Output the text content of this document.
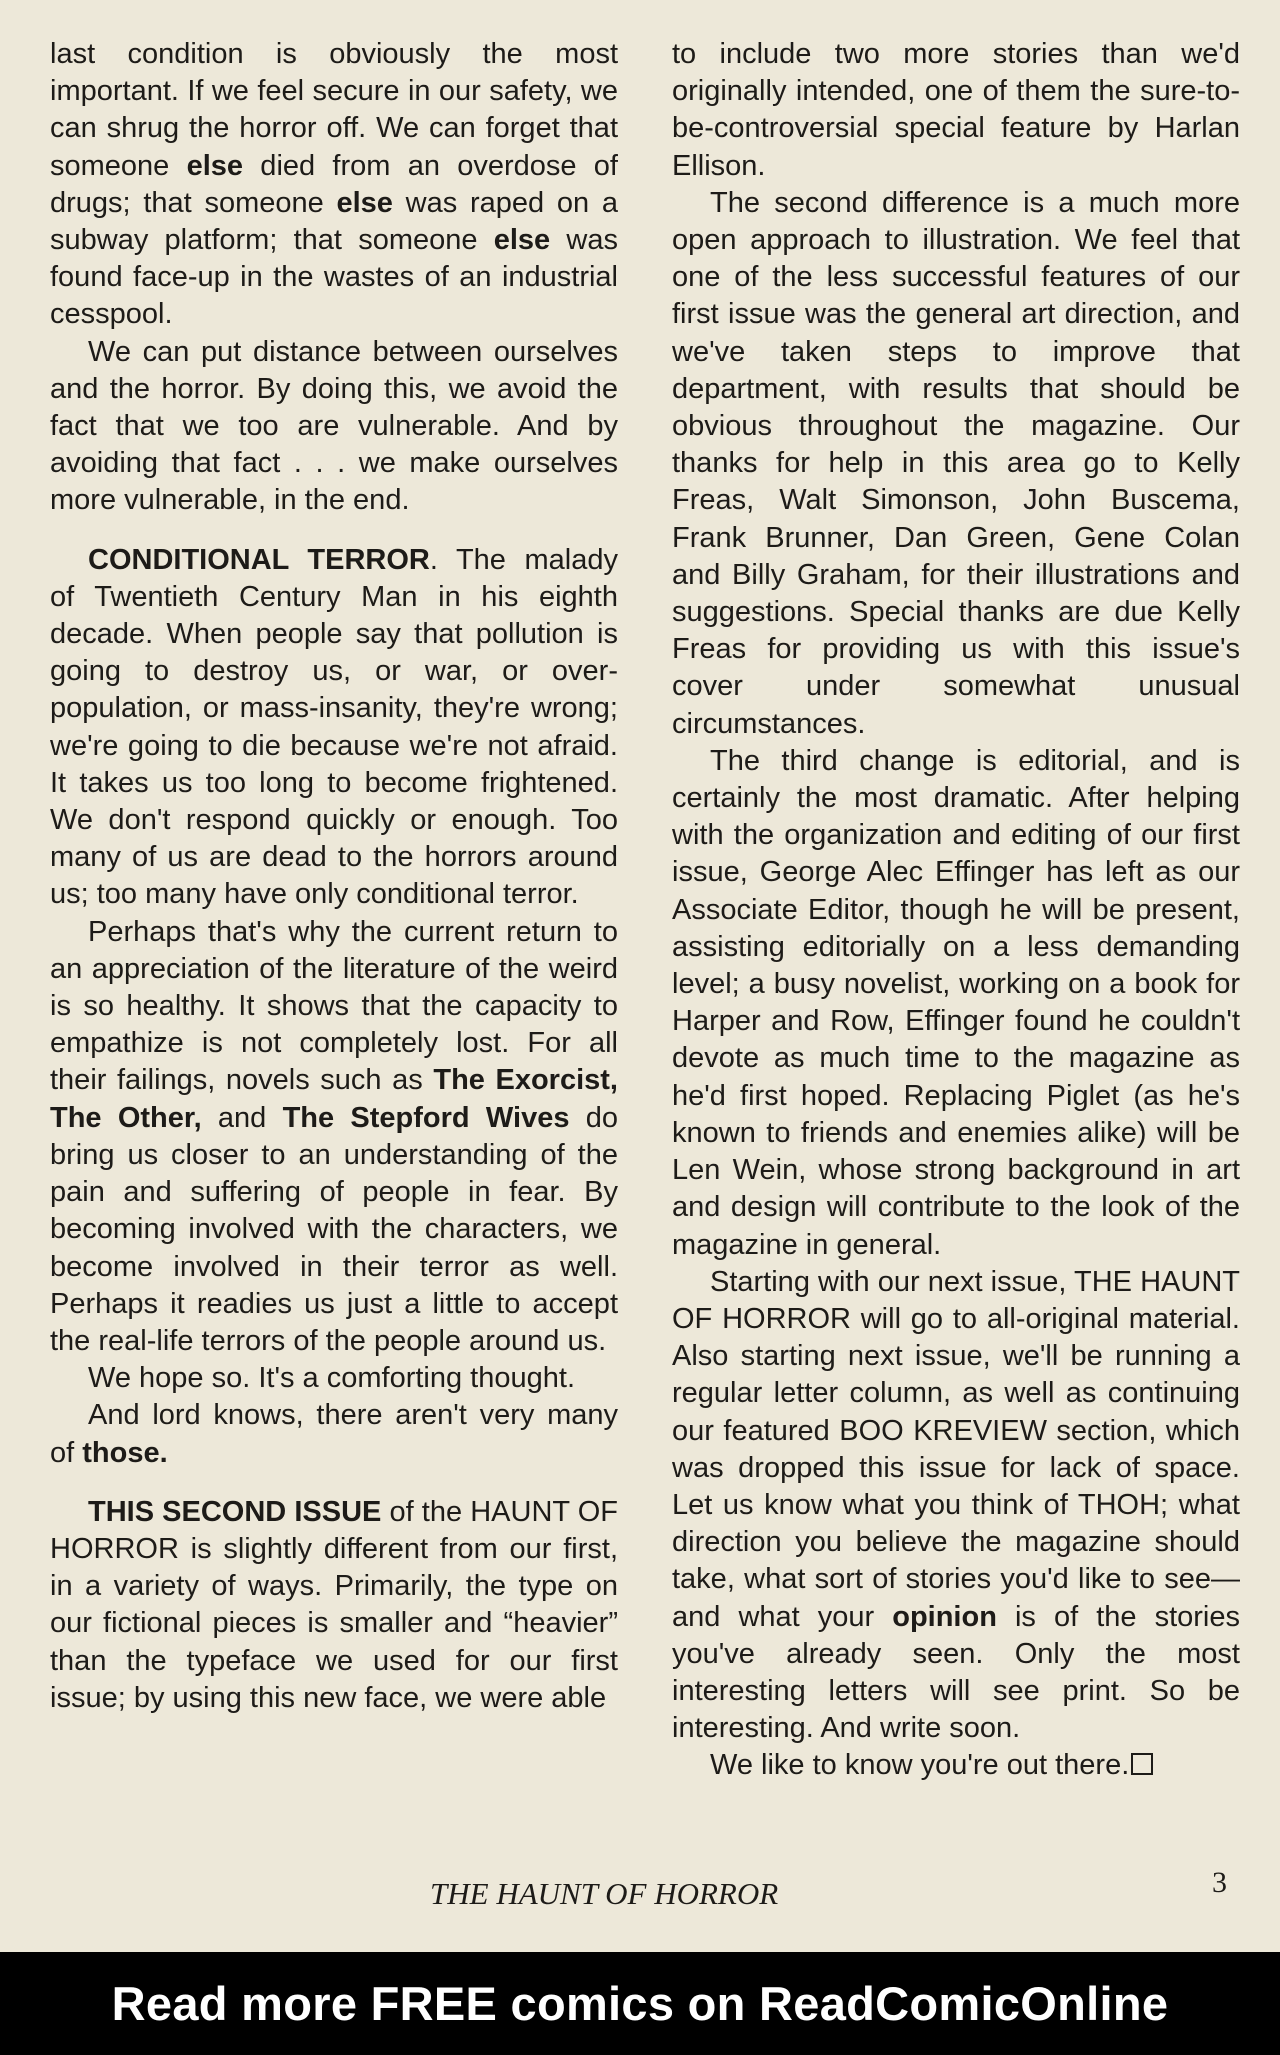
last condition is obviously the most important. If we feel secure in our safety, we can shrug the horror off. We can forget that someone else died from an overdose of drugs; that someone else was raped on a subway platform; that someone else was found face-up in the wastes of an industrial cesspool.

We can put distance between ourselves and the horror. By doing this, we avoid the fact that we too are vulnerable. And by avoiding that fact . . . we make ourselves more vulnerable, in the end.

CONDITIONAL TERROR. The malady of Twentieth Century Man in his eighth decade. When people say that pollution is going to destroy us, or war, or over-population, or mass-insanity, they're wrong; we're going to die because we're not afraid. It takes us too long to become frightened. We don't respond quickly or enough. Too many of us are dead to the horrors around us; too many have only conditional terror.

Perhaps that's why the current return to an appreciation of the literature of the weird is so healthy. It shows that the capacity to empathize is not completely lost. For all their failings, novels such as The Exorcist, The Other, and The Stepford Wives do bring us closer to an understanding of the pain and suffering of people in fear. By becoming involved with the characters, we become involved in their terror as well. Perhaps it readies us just a little to accept the real-life terrors of the people around us.

We hope so. It's a comforting thought.

And lord knows, there aren't very many of those.

THIS SECOND ISSUE of the HAUNT OF HORROR is slightly different from our first, in a variety of ways. Primarily, the type on our fictional pieces is smaller and “heavier” than the typeface we used for our first issue; by using this new face, we were able

to include two more stories than we'd originally intended, one of them the sure-to-be-controversial special feature by Harlan Ellison.

The second difference is a much more open approach to illustration. We feel that one of the less successful features of our first issue was the general art direction, and we've taken steps to improve that department, with results that should be obvious throughout the magazine. Our thanks for help in this area go to Kelly Freas, Walt Simonson, John Buscema, Frank Brunner, Dan Green, Gene Colan and Billy Graham, for their illustrations and suggestions. Special thanks are due Kelly Freas for providing us with this issue's cover under somewhat unusual circumstances.

The third change is editorial, and is certainly the most dramatic. After helping with the organization and editing of our first issue, George Alec Effinger has left as our Associate Editor, though he will be present, assisting editorially on a less demanding level; a busy novelist, working on a book for Harper and Row, Effinger found he couldn't devote as much time to the magazine as he'd first hoped. Replacing Piglet (as he's known to friends and enemies alike) will be Len Wein, whose strong background in art and design will contribute to the look of the magazine in general.

Starting with our next issue, THE HAUNT OF HORROR will go to all-original material. Also starting next issue, we'll be running a regular letter column, as well as continuing our featured BOO KREVIEW section, which was dropped this issue for lack of space. Let us know what you think of THOH; what direction you believe the magazine should take, what sort of stories you'd like to see—and what your opinion is of the stories you've already seen. Only the most interesting letters will see print. So be interesting. And write soon.

We like to know you're out there.

THE HAUNT OF HORROR	3
Read more FREE comics on ReadComicOnline
